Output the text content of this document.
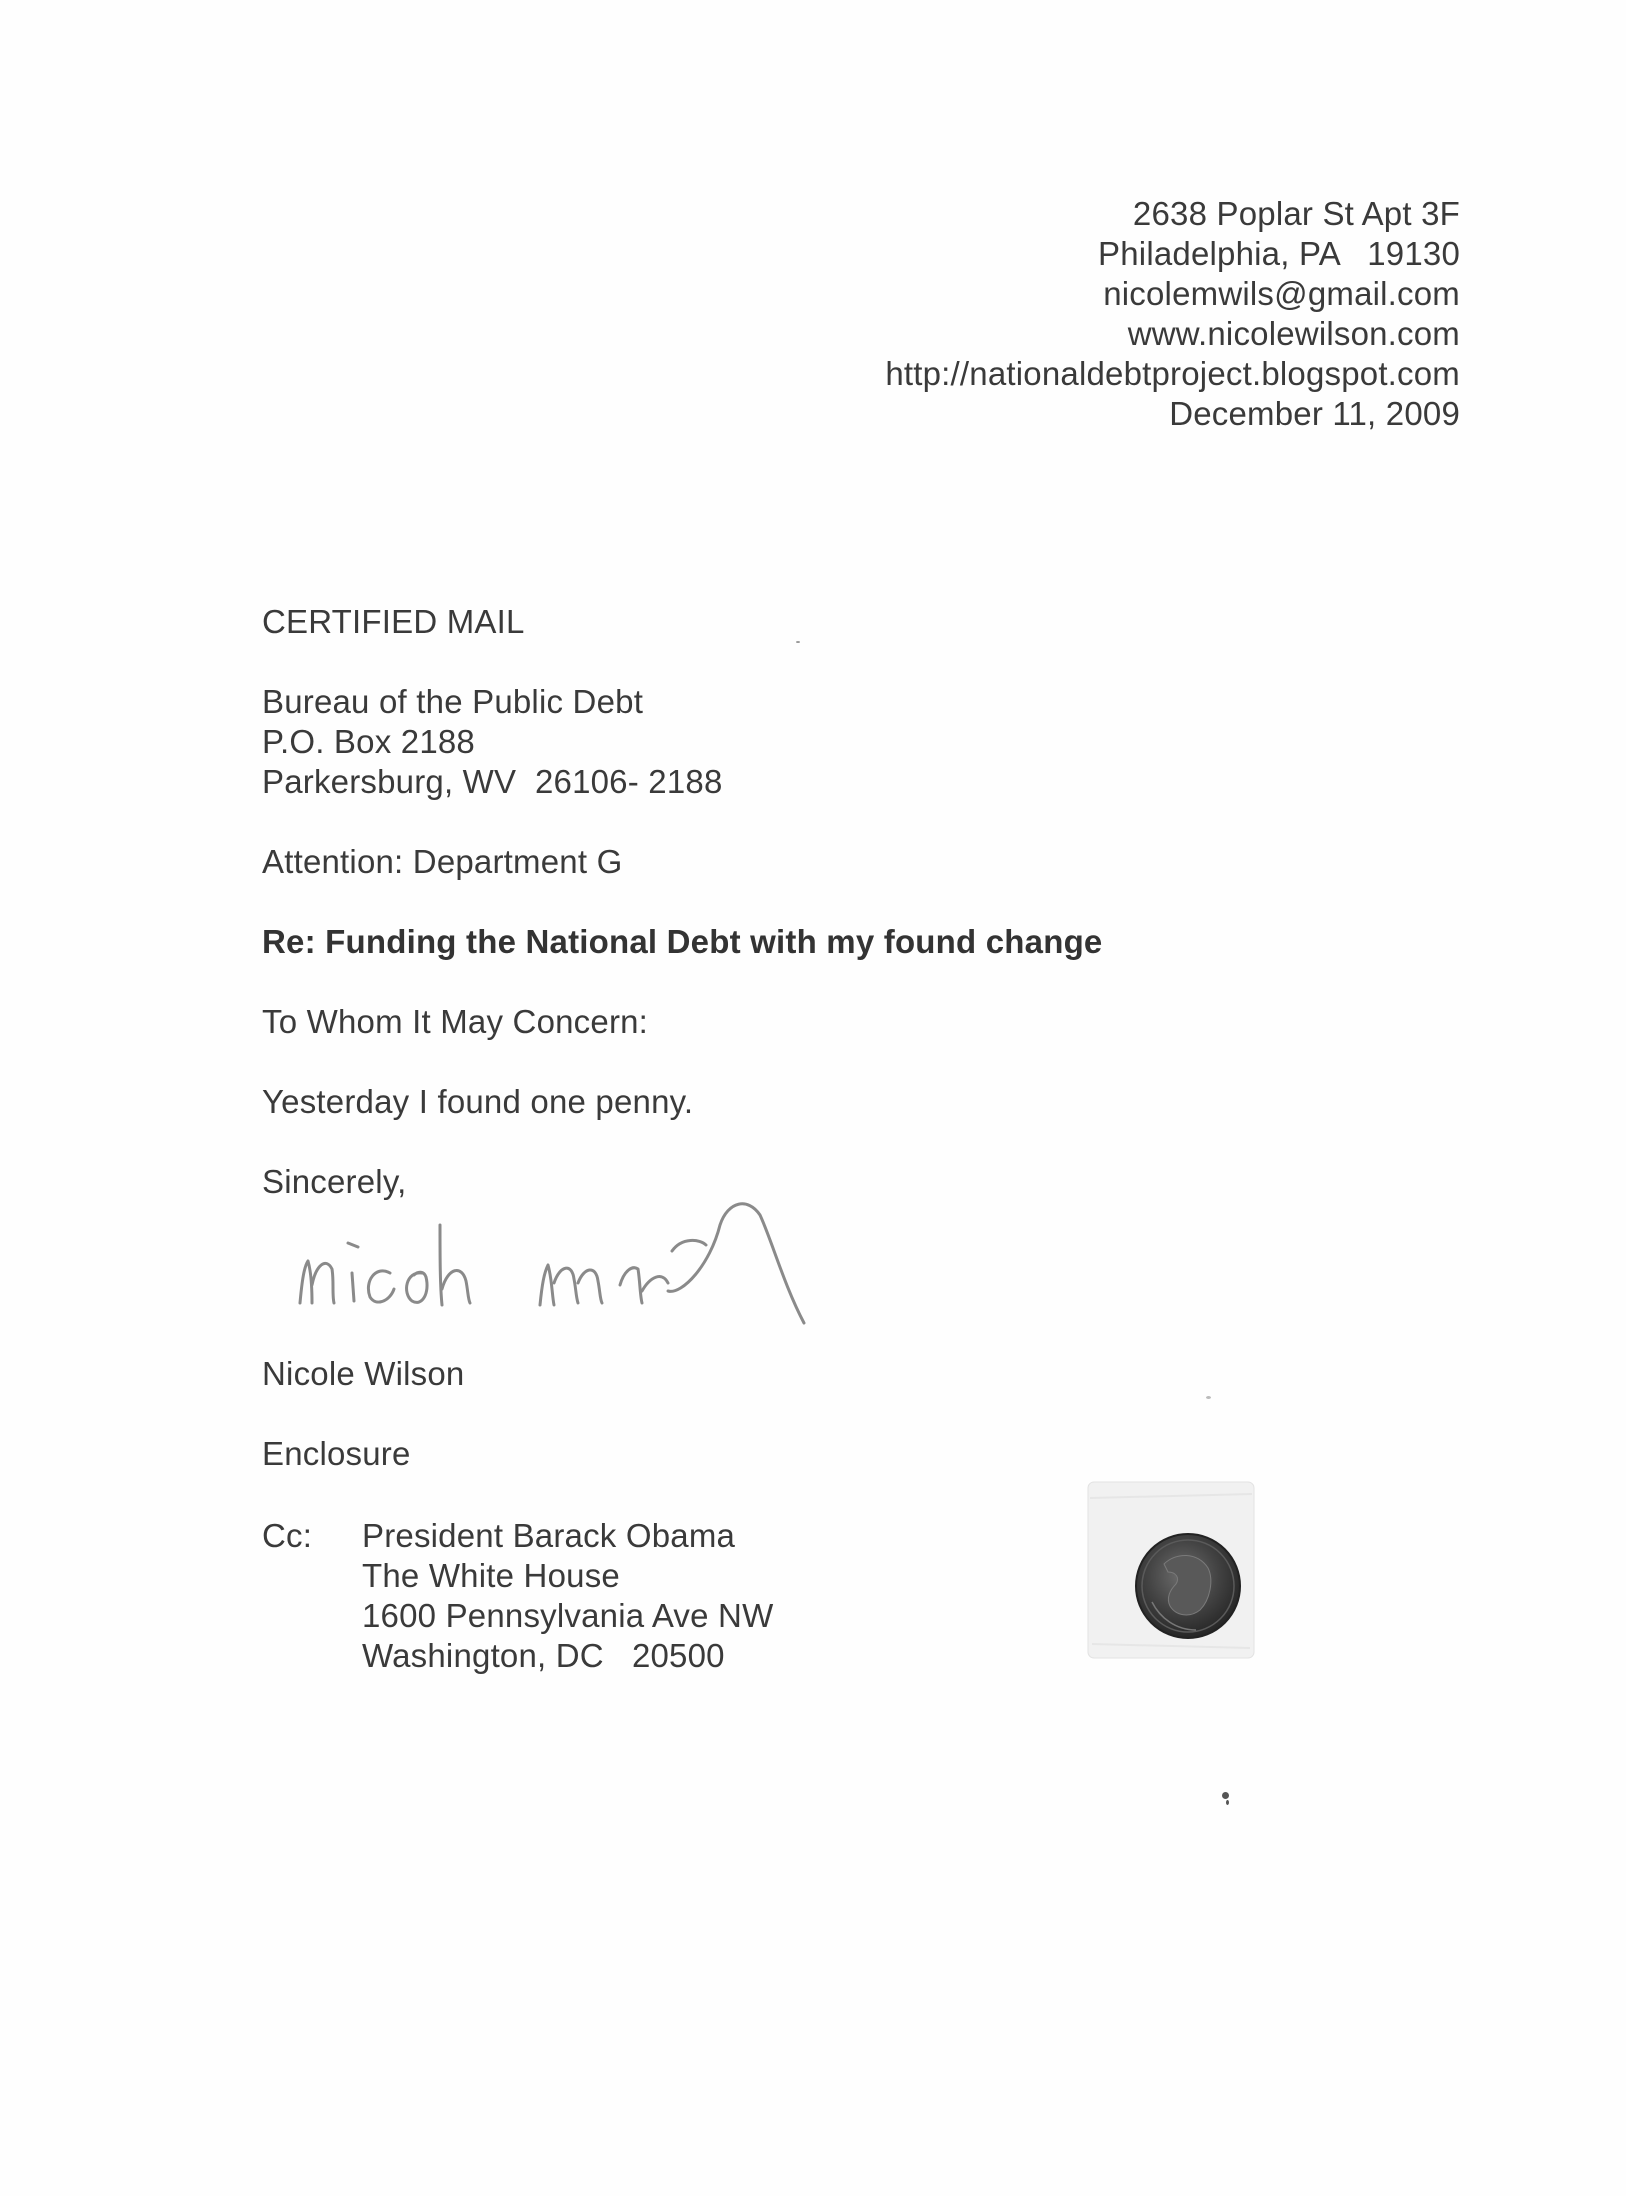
2638 Poplar St Apt 3F
Philadelphia, PA   19130
nicolemwils@gmail.com
www.nicolewilson.com
http://nationaldebtproject.blogspot.com
December 11, 2009
CERTIFIED MAIL
Bureau of the Public Debt
P.O. Box 2188
Parkersburg, WV  26106- 2188
Attention: Department G
Re: Funding the National Debt with my found change
To Whom It May Concern:
Yesterday I found one penny.
Sincerely,
Nicole Wilson
Enclosure
Cc: President Barack Obama
The White House
1600 Pennsylvania Ave NW
Washington, DC   20500
